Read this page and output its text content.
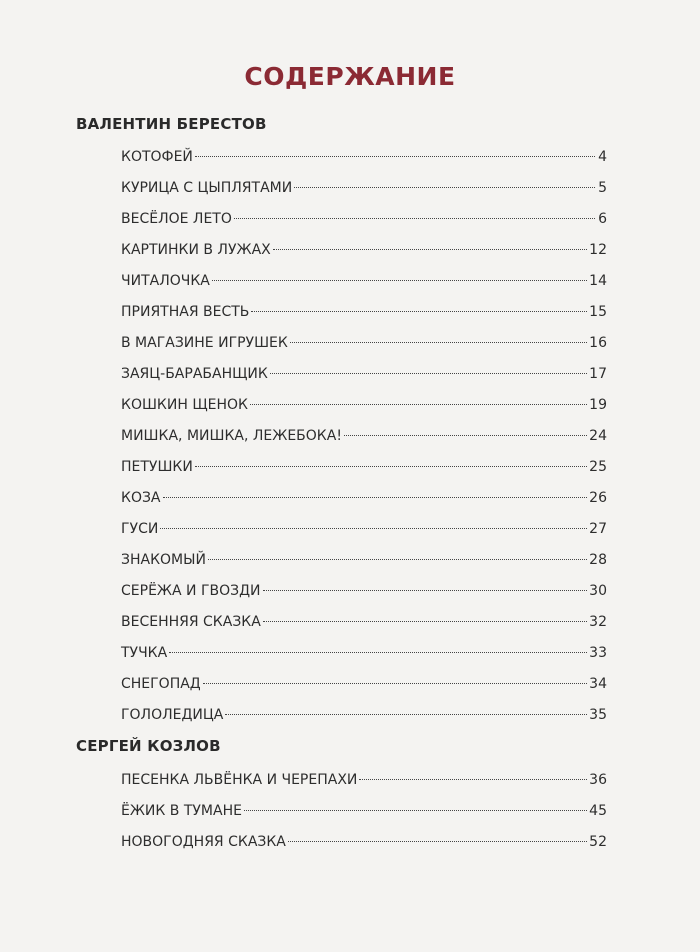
СОДЕРЖАНИЕ
ВАЛЕНТИН БЕРЕСТОВ
КОТОФЕЙ	4
КУРИЦА С ЦЫПЛЯТАМИ	5
ВЕСЁЛОЕ ЛЕТО	6
КАРТИНКИ В ЛУЖАХ	12
ЧИТАЛОЧКА	14
ПРИЯТНАЯ ВЕСТЬ	15
В МАГАЗИНЕ ИГРУШЕК	16
ЗАЯЦ-БАРАБАНЩИК	17
КОШКИН ЩЕНОК	19
МИШКА, МИШКА, ЛЕЖЕБОКА!	24
ПЕТУШКИ	25
КОЗА	26
ГУСИ	27
ЗНАКОМЫЙ	28
СЕРЁЖА И ГВОЗДИ	30
ВЕСЕННЯЯ СКАЗКА	32
ТУЧКА	33
СНЕГОПАД	34
ГОЛОЛЕДИЦА	35
СЕРГЕЙ КОЗЛОВ
ПЕСЕНКА ЛЬВЁНКА И ЧЕРЕПАХИ	36
ЁЖИК В ТУМАНЕ	45
НОВОГОДНЯЯ СКАЗКА	52
